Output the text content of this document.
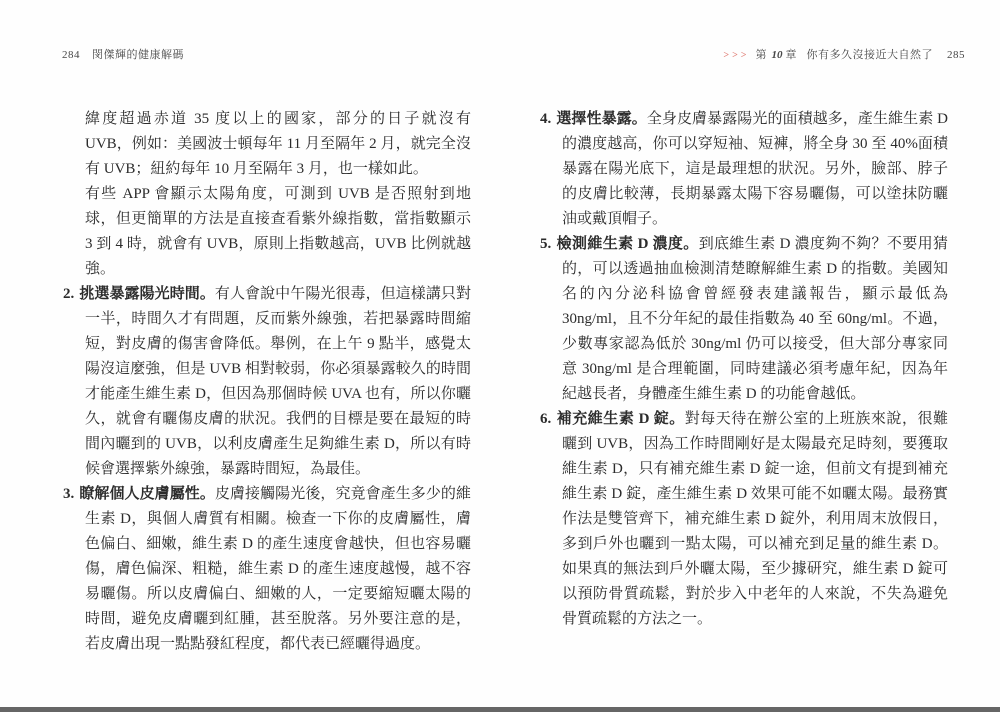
284 閔傑輝的健康解碼	>>> 第 10 章 你有多久沒接近大自然了 285

緯度超過赤道 35 度以上的國家，部分的日子就沒有 UVB，例如：美國波士頓每年 11 月至隔年 2 月，就完全沒有 UVB；紐約每年 10 月至隔年 3 月，也一樣如此。

有些 APP 會顯示太陽角度，可測到 UVB 是否照射到地球，但更簡單的方法是直接查看紫外線指數，當指數顯示 3 到 4 時，就會有 UVB，原則上指數越高，UVB 比例就越強。

2. 挑選暴露陽光時間。有人會說中午陽光很毒，但這樣講只對一半，時間久才有問題，反而紫外線強，若把暴露時間縮短，對皮膚的傷害會降低。舉例，在上午 9 點半，感覺太陽沒這麼強，但是 UVB 相對較弱，你必須暴露較久的時間才能產生維生素 D，但因為那個時候 UVA 也有，所以你曬久，就會有曬傷皮膚的狀況。我們的目標是要在最短的時間內曬到的 UVB，以利皮膚產生足夠維生素 D，所以有時候會選擇紫外線強，暴露時間短，為最佳。

3. 瞭解個人皮膚屬性。皮膚接觸陽光後，究竟會產生多少的維生素 D，與個人膚質有相關。檢查一下你的皮膚屬性，膚色偏白、細嫩，維生素 D 的產生速度會越快，但也容易曬傷，膚色偏深、粗糙，維生素 D 的產生速度越慢，越不容易曬傷。所以皮膚偏白、細嫩的人，一定要縮短曬太陽的時間，避免皮膚曬到紅腫，甚至脫落。另外要注意的是，若皮膚出現一點點發紅程度，都代表已經曬得過度。

4. 選擇性暴露。全身皮膚暴露陽光的面積越多，產生維生素 D 的濃度越高，你可以穿短袖、短褲，將全身 30 至 40%面積暴露在陽光底下，這是最理想的狀況。另外，臉部、脖子的皮膚比較薄，長期暴露太陽下容易曬傷，可以塗抹防曬油或戴頂帽子。

5. 檢測維生素 D 濃度。到底維生素 D 濃度夠不夠？不要用猜的，可以透過抽血檢測清楚瞭解維生素 D 的指數。美國知名的內分泌科協會曾經發表建議報告，顯示最低為 30ng/ml，且不分年紀的最佳指數為 40 至 60ng/ml。不過，少數專家認為低於 30ng/ml 仍可以接受，但大部分專家同意 30ng/ml 是合理範圍，同時建議必須考慮年紀，因為年紀越長者，身體產生維生素 D 的功能會越低。

6. 補充維生素 D 錠。對每天待在辦公室的上班族來說，很難曬到 UVB，因為工作時間剛好是太陽最充足時刻，要獲取維生素 D，只有補充維生素 D 錠一途，但前文有提到補充維生素 D 錠，產生維生素 D 效果可能不如曬太陽。最務實作法是雙管齊下，補充維生素 D 錠外，利用周末放假日，多到戶外也曬到一點太陽，可以補充到足量的維生素 D。如果真的無法到戶外曬太陽，至少據研究，維生素 D 錠可以預防骨質疏鬆，對於步入中老年的人來說，不失為避免骨質疏鬆的方法之一。
